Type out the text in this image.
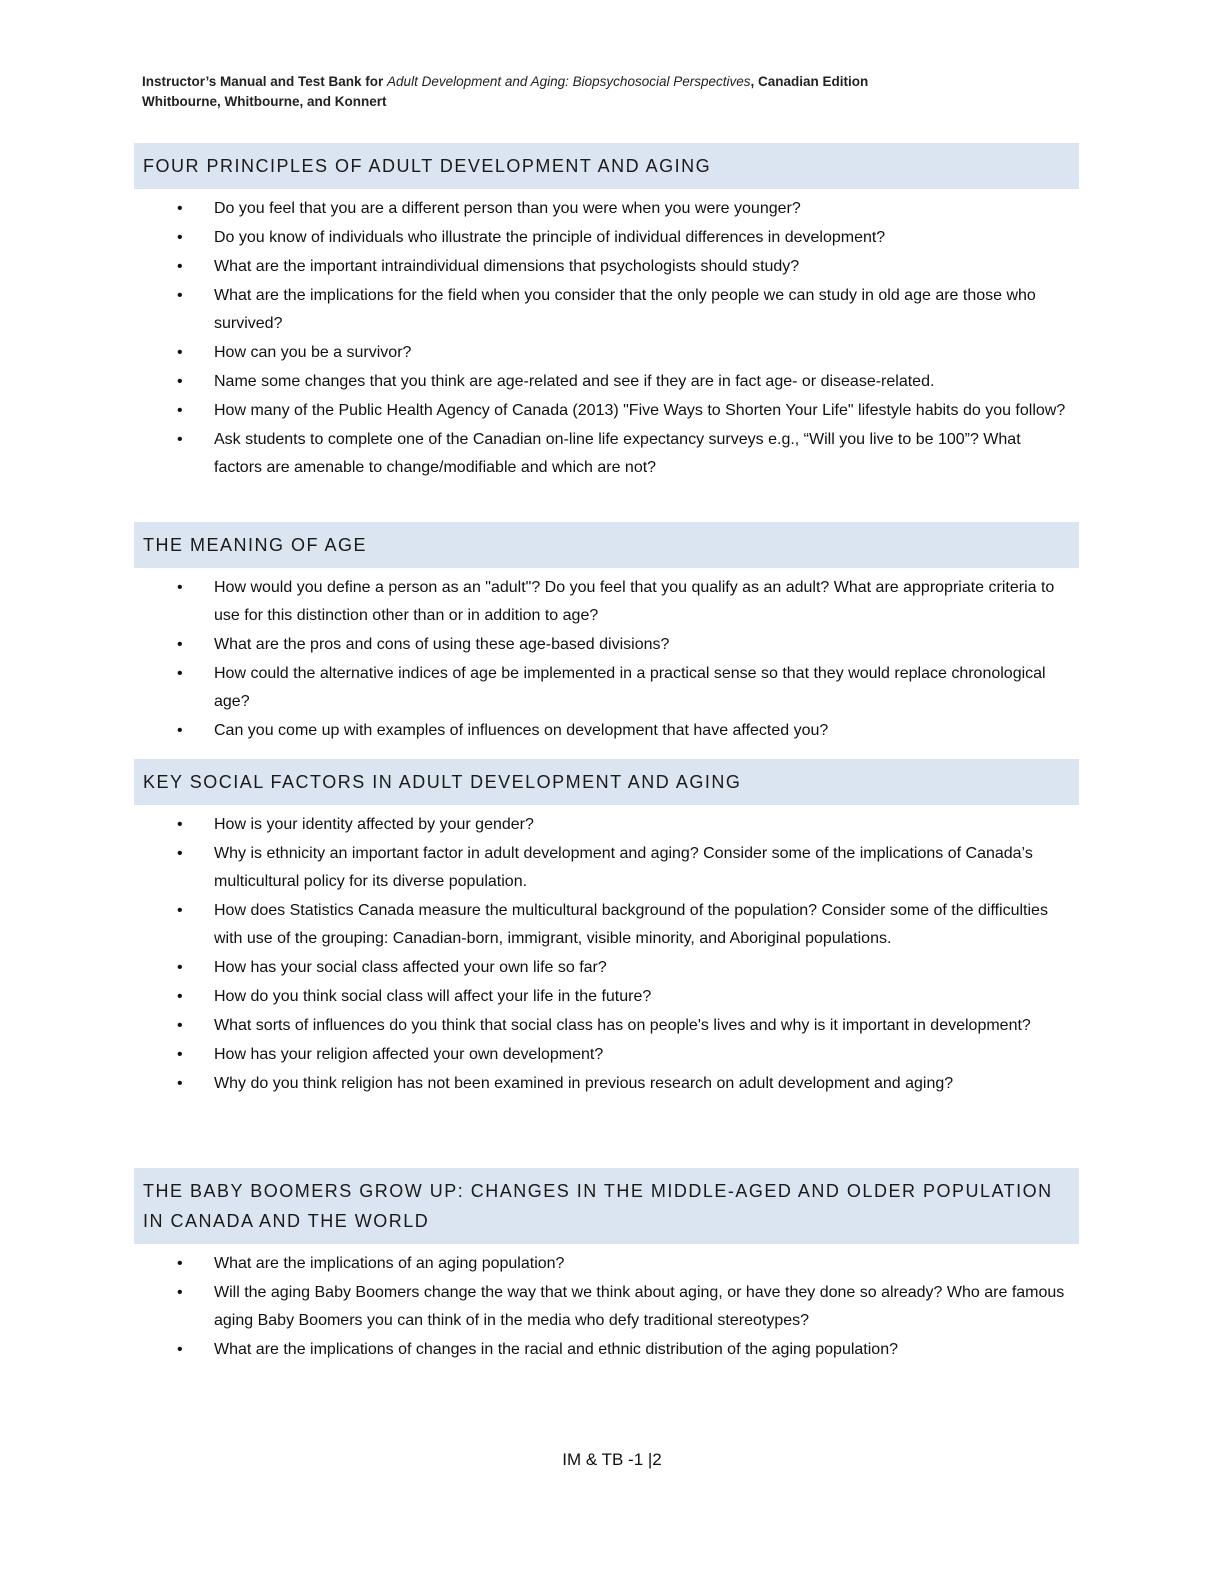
Instructor’s Manual and Test Bank for Adult Development and Aging: Biopsychosocial Perspectives, Canadian Edition
Whitbourne, Whitbourne, and Konnert
FOUR PRINCIPLES OF ADULT DEVELOPMENT AND AGING
• Do you feel that you are a different person than you were when you were younger?
• Do you know of individuals who illustrate the principle of individual differences in development?
• What are the important intraindividual dimensions that psychologists should study?
• What are the implications for the field when you consider that the only people we can study in old age are those who survived?
• How can you be a survivor?
• Name some changes that you think are age-related and see if they are in fact age- or disease-related.
• How many of the Public Health Agency of Canada (2013) "Five Ways to Shorten Your Life" lifestyle habits do you follow?
• Ask students to complete one of the Canadian on-line life expectancy surveys e.g., “Will you live to be 100”? What factors are amenable to change/modifiable and which are not?
THE MEANING OF AGE
• How would you define a person as an "adult"? Do you feel that you qualify as an adult? What are appropriate criteria to use for this distinction other than or in addition to age?
• What are the pros and cons of using these age-based divisions?
• How could the alternative indices of age be implemented in a practical sense so that they would replace chronological age?
• Can you come up with examples of influences on development that have affected you?
KEY SOCIAL FACTORS IN ADULT DEVELOPMENT AND AGING
• How is your identity affected by your gender?
• Why is ethnicity an important factor in adult development and aging? Consider some of the implications of Canada’s multicultural policy for its diverse population.
• How does Statistics Canada measure the multicultural background of the population? Consider some of the difficulties with use of the grouping: Canadian-born, immigrant, visible minority, and Aboriginal populations.
• How has your social class affected your own life so far?
• How do you think social class will affect your life in the future?
• What sorts of influences do you think that social class has on people's lives and why is it important in development?
• How has your religion affected your own development?
• Why do you think religion has not been examined in previous research on adult development and aging?
THE BABY BOOMERS GROW UP: CHANGES IN THE MIDDLE-AGED AND OLDER POPULATION IN CANADA AND THE WORLD
• What are the implications of an aging population?
• Will the aging Baby Boomers change the way that we think about aging, or have they done so already? Who are famous aging Baby Boomers you can think of in the media who defy traditional stereotypes?
• What are the implications of changes in the racial and ethnic distribution of the aging population?
IM & TB -1 |2
